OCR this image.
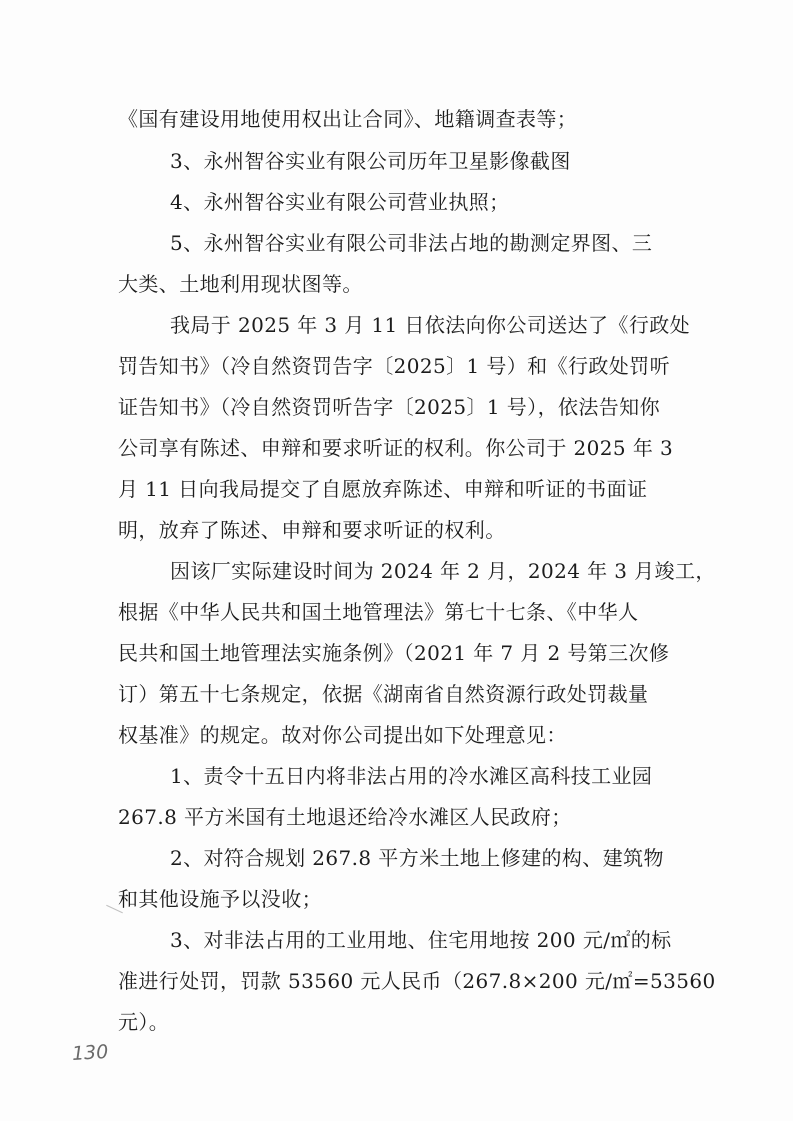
《国有建设用地使用权出让合同》、地籍调查表等；
3、永州智谷实业有限公司历年卫星影像截图
4、永州智谷实业有限公司营业执照；
5、永州智谷实业有限公司非法占地的勘测定界图、三
大类、土地利用现状图等。
我局于 2025 年 3 月 11 日依法向你公司送达了《行政处
罚告知书》（冷自然资罚告字〔2025〕1 号）和《行政处罚听
证告知书》（冷自然资罚听告字〔2025〕1 号），依法告知你
公司享有陈述、申辩和要求听证的权利。你公司于 2025 年 3
月 11 日向我局提交了自愿放弃陈述、申辩和听证的书面证
明，放弃了陈述、申辩和要求听证的权利。
因该厂实际建设时间为 2024 年 2 月，2024 年 3 月竣工，
根据《中华人民共和国土地管理法》第七十七条、《中华人
民共和国土地管理法实施条例》（2021 年 7 月 2 号第三次修
订）第五十七条规定，依据《湖南省自然资源行政处罚裁量
权基准》的规定。故对你公司提出如下处理意见：
1、责令十五日内将非法占用的冷水滩区高科技工业园
267.8 平方米国有土地退还给冷水滩区人民政府；
2、对符合规划 267.8 平方米土地上修建的构、建筑物
和其他设施予以没收；
3、对非法占用的工业用地、住宅用地按 200 元/㎡的标
准进行处罚，罚款 53560 元人民币（267.8×200 元/㎡=53560
元）。
130
